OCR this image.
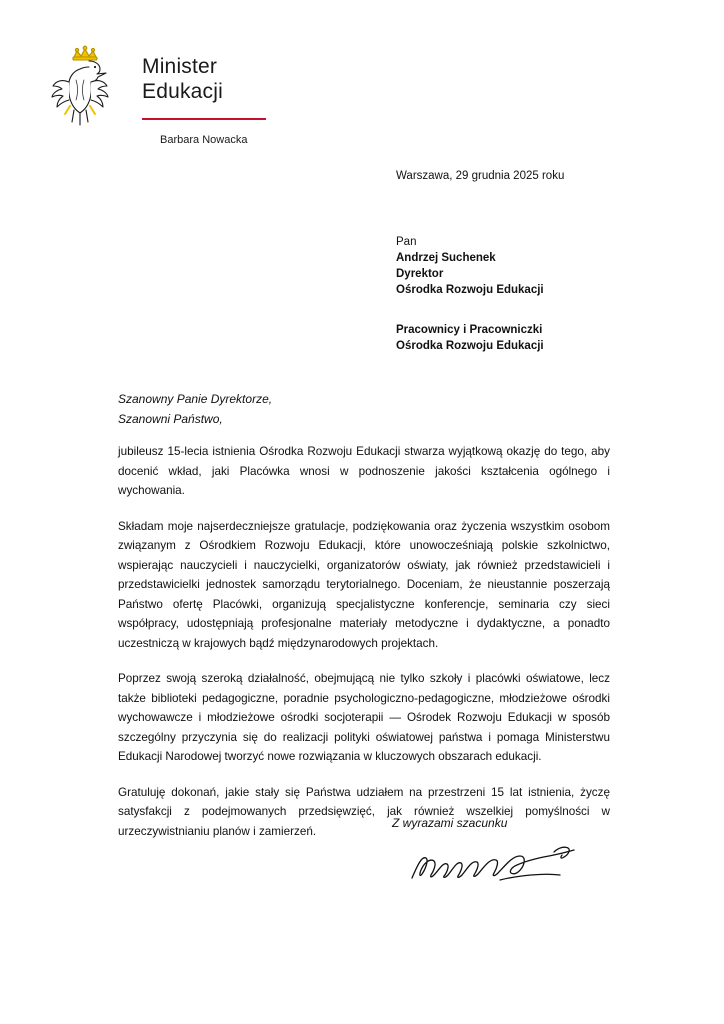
Minister
Edukacji
Barbara Nowacka
Warszawa, 29 grudnia 2025 roku
Pan
Andrzej Suchenek
Dyrektor
Ośrodka Rozwoju Edukacji
Pracownicy i Pracowniczki
Ośrodka Rozwoju Edukacji
Szanowny Panie Dyrektorze,
Szanowni Państwo,

jubileusz 15-lecia istnienia Ośrodka Rozwoju Edukacji stwarza wyjątkową okazję do tego, aby docenić wkład, jaki Placówka wnosi w podnoszenie jakości kształcenia ogólnego i wychowania.

Składam moje najserdeczniejsze gratulacje, podziękowania oraz życzenia wszystkim osobom związanym z Ośrodkiem Rozwoju Edukacji, które unowocześniają polskie szkolnictwo, wspierając nauczycieli i nauczycielki, organizatorów oświaty, jak również przedstawicieli i przedstawicielki jednostek samorządu terytorialnego. Doceniam, że nieustannie poszerzają Państwo ofertę Placówki, organizują specjalistyczne konferencje, seminaria czy sieci współpracy, udostępniają profesjonalne materiały metodyczne i dydaktyczne, a ponadto uczestniczą w krajowych bądź międzynarodowych projektach.

Poprzez swoją szeroką działalność, obejmującą nie tylko szkoły i placówki oświatowe, lecz także biblioteki pedagogiczne, poradnie psychologiczno-pedagogiczne, młodzieżowe ośrodki wychowawcze i młodzieżowe ośrodki socjoterapii — Ośrodek Rozwoju Edukacji w sposób szczególny przyczynia się do realizacji polityki oświatowej państwa i pomaga Ministerstwu Edukacji Narodowej tworzyć nowe rozwiązania w kluczowych obszarach edukacji.

Gratuluję dokonań, jakie stały się Państwa udziałem na przestrzeni 15 lat istnienia, życzę satysfakcji z podejmowanych przedsięwzięć, jak również wszelkiej pomyślności w urzeczywistnianiu planów i zamierzeń.

Z wyrazami szacunku
